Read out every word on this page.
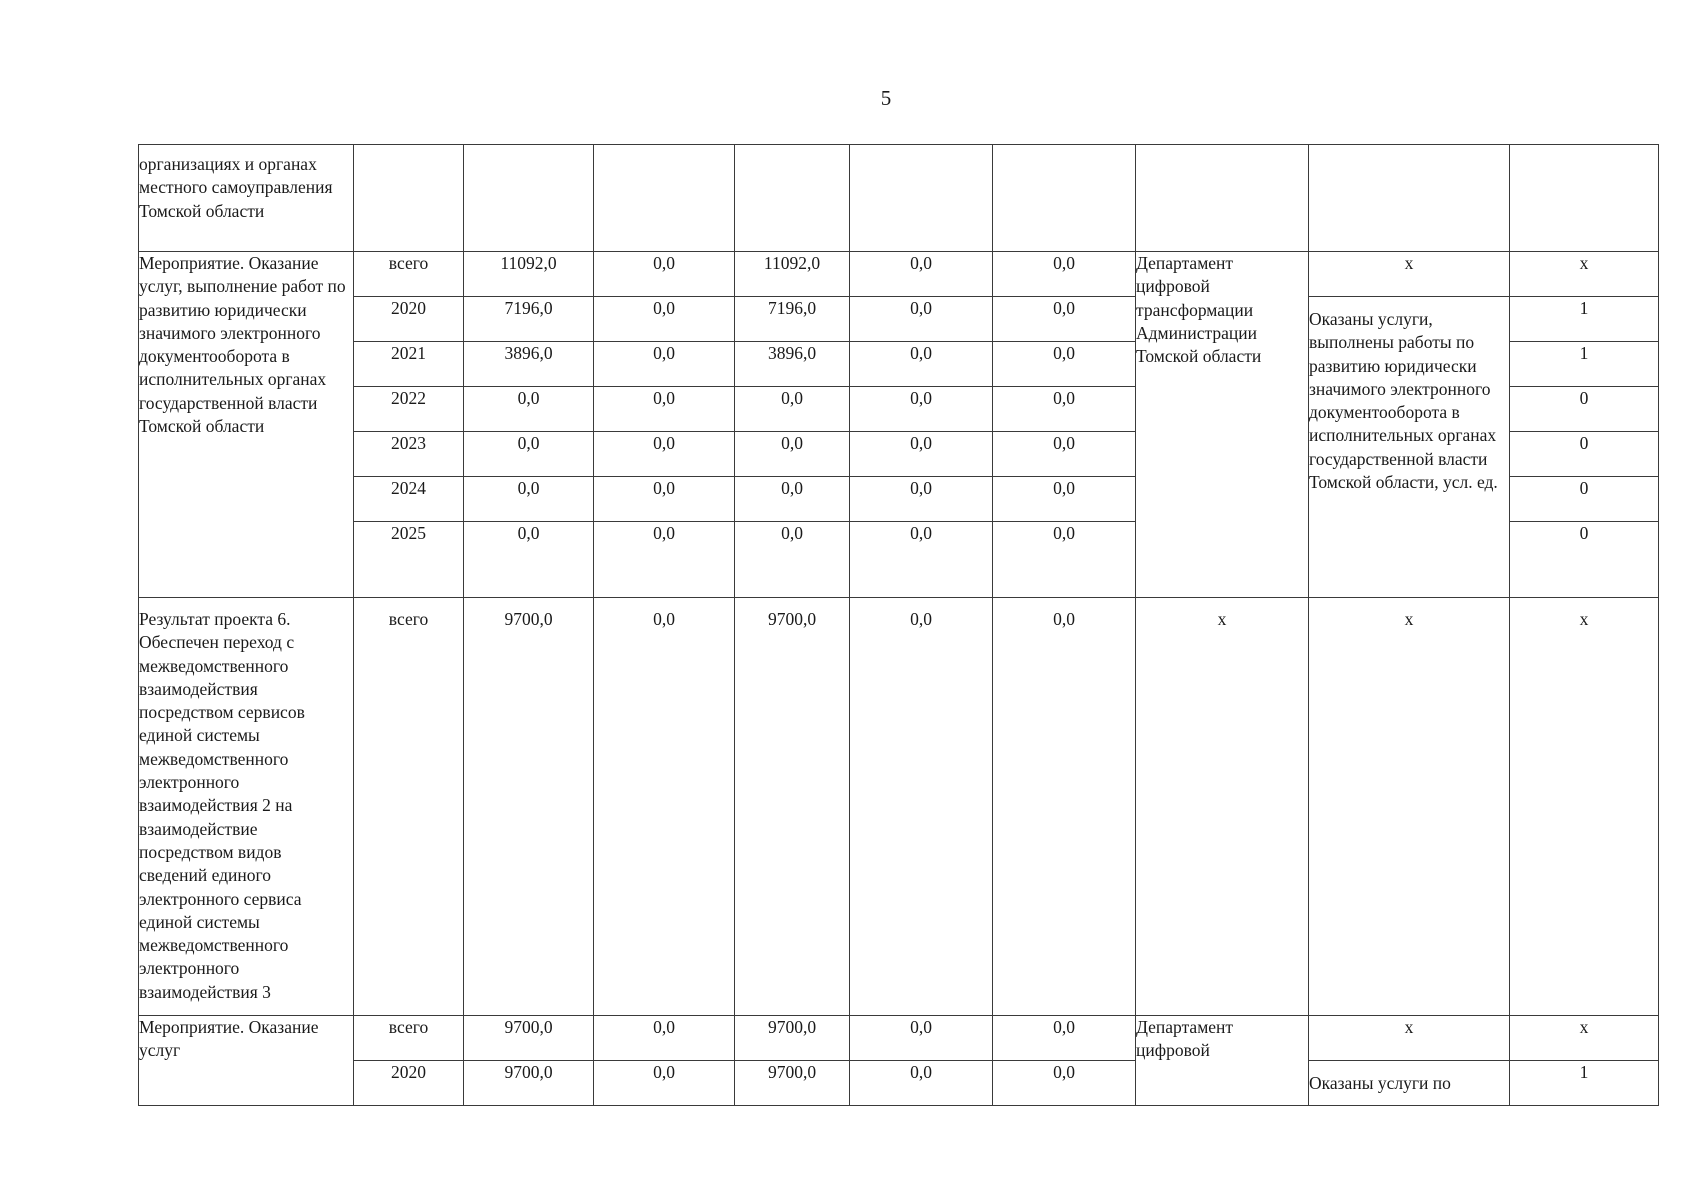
5
организациях и органах местного самоуправления Томской области									
Мероприятие. Оказание услуг, выполнение работ по развитию юридически значимого электронного документооборота в исполнительных органах государственной власти Томской области	всего	11092,0	0,0	11092,0	0,0	0,0	Департамент цифровой трансформации Администрации Томской области	x	x
	2020	7196,0	0,0	7196,0	0,0	0,0		Оказаны услуги, выполнены работы по развитию юридически значимого электронного документооборота в исполнительных органах государственной власти Томской области, усл. ед.	1
	2021	3896,0	0,0	3896,0	0,0	0,0			1
	2022	0,0	0,0	0,0	0,0	0,0			0
	2023	0,0	0,0	0,0	0,0	0,0			0
	2024	0,0	0,0	0,0	0,0	0,0			0
	2025	0,0	0,0	0,0	0,0	0,0			0
Результат проекта 6. Обеспечен переход с межведомственного взаимодействия посредством сервисов единой системы межведомственного электронного взаимодействия 2 на взаимодействие посредством видов сведений единого электронного сервиса единой системы межведомственного электронного взаимодействия 3	всего	9700,0	0,0	9700,0	0,0	0,0	x	x	x
Мероприятие. Оказание услуг	всего	9700,0	0,0	9700,0	0,0	0,0	Департамент цифровой	x	x
	2020	9700,0	0,0	9700,0	0,0	0,0		Оказаны услуги по	1
